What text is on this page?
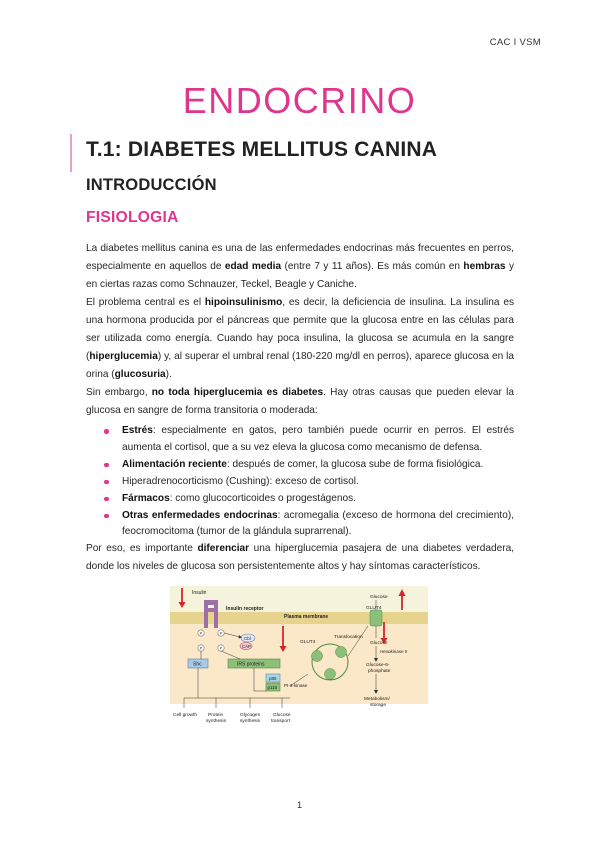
CAC I VSM
ENDOCRINO
T.1: DIABETES MELLITUS CANINA
INTRODUCCIÓN
FISIOLOGIA

La diabetes mellitus canina es una de las enfermedades endocrinas más frecuentes en perros, especialmente en aquellos de edad media (entre 7 y 11 años). Es más común en hembras y en ciertas razas como Schnauzer, Teckel, Beagle y Caniche.

El problema central es el hipoinsulinismo, es decir, la deficiencia de insulina. La insulina es una hormona producida por el páncreas que permite que la glucosa entre en las células para ser utilizada como energía. Cuando hay poca insulina, la glucosa se acumula en la sangre (hiperglucemia) y, al superar el umbral renal (180-220 mg/dl en perros), aparece glucosa en la orina (glucosuria).

Sin embargo, no toda hiperglucemia es diabetes. Hay otras causas que pueden elevar la glucosa en sangre de forma transitoria o moderada:

Estrés: especialmente en gatos, pero también puede ocurrir en perros. El estrés aumenta el cortisol, que a su vez eleva la glucosa como mecanismo de defensa.
Alimentación reciente: después de comer, la glucosa sube de forma fisiológica.
Hiperadrenocorticismo (Cushing): exceso de cortisol.
Fármacos: como glucocorticoides o progestágenos.
Otras enfermedades endocrinas: acromegalia (exceso de hormona del crecimiento), feocromocitoma (tumor de la glándula suprarrenal).

Por eso, es importante diferenciar una hiperglucemia pasajera de una diabetes verdadera, donde los niveles de glucosa son persistentemente altos y hay síntomas característicos.

Insulin
Insulin receptor
P	P
P	P
Plasma membrane
Cbl
CAP
Shc	IRS proteins
p85
p110 PI-3-kinase
GLUT4
Translocation
Glucose
GLUT4
Glucose
Hexokinase II
Glucose-6-
phosphate
Metabolism/
storage
Cell growth Protein
synthesis
Glycogen
synthesis
Glucose
transport
1
